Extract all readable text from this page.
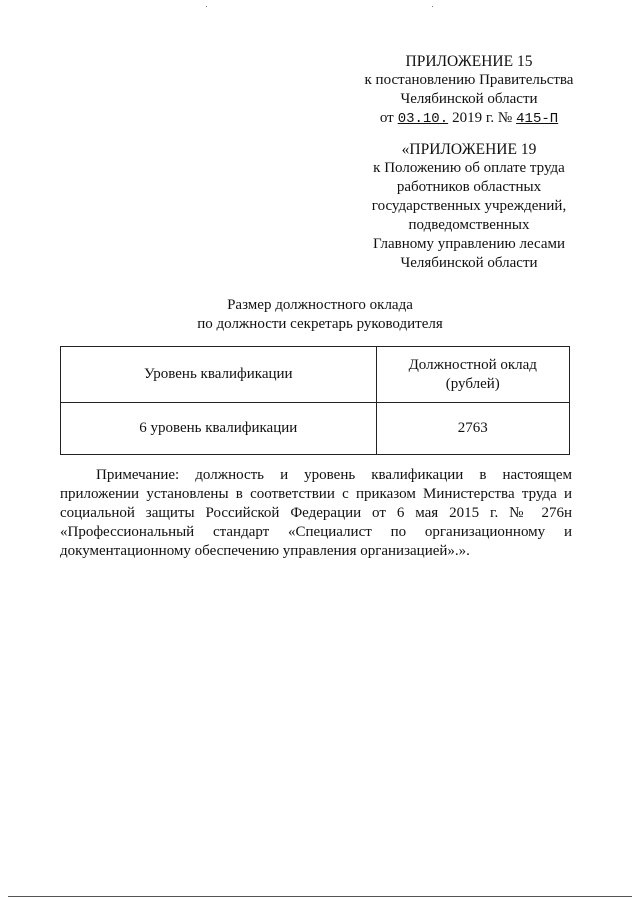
ПРИЛОЖЕНИЕ 15
к постановлению Правительства
Челябинской области
от 03.10. 2019 г. № 415-П
«ПРИЛОЖЕНИЕ 19
к Положению об оплате труда
работников областных
государственных учреждений,
подведомственных
Главному управлению лесами
Челябинской области
Размер должностного оклада
по должности секретарь руководителя
Уровень квалификации	Должностной оклад
(рублей)

6 уровень квалификации	2763
Примечание: должность и уровень квалификации в настоящем
приложении установлены в соответствии с приказом Министерства труда и
социальной защиты Российской Федерации от 6 мая 2015 г. № 276н
«Профессиональный стандарт «Специалист по организационному и
документационному обеспечению управления организацией».».
